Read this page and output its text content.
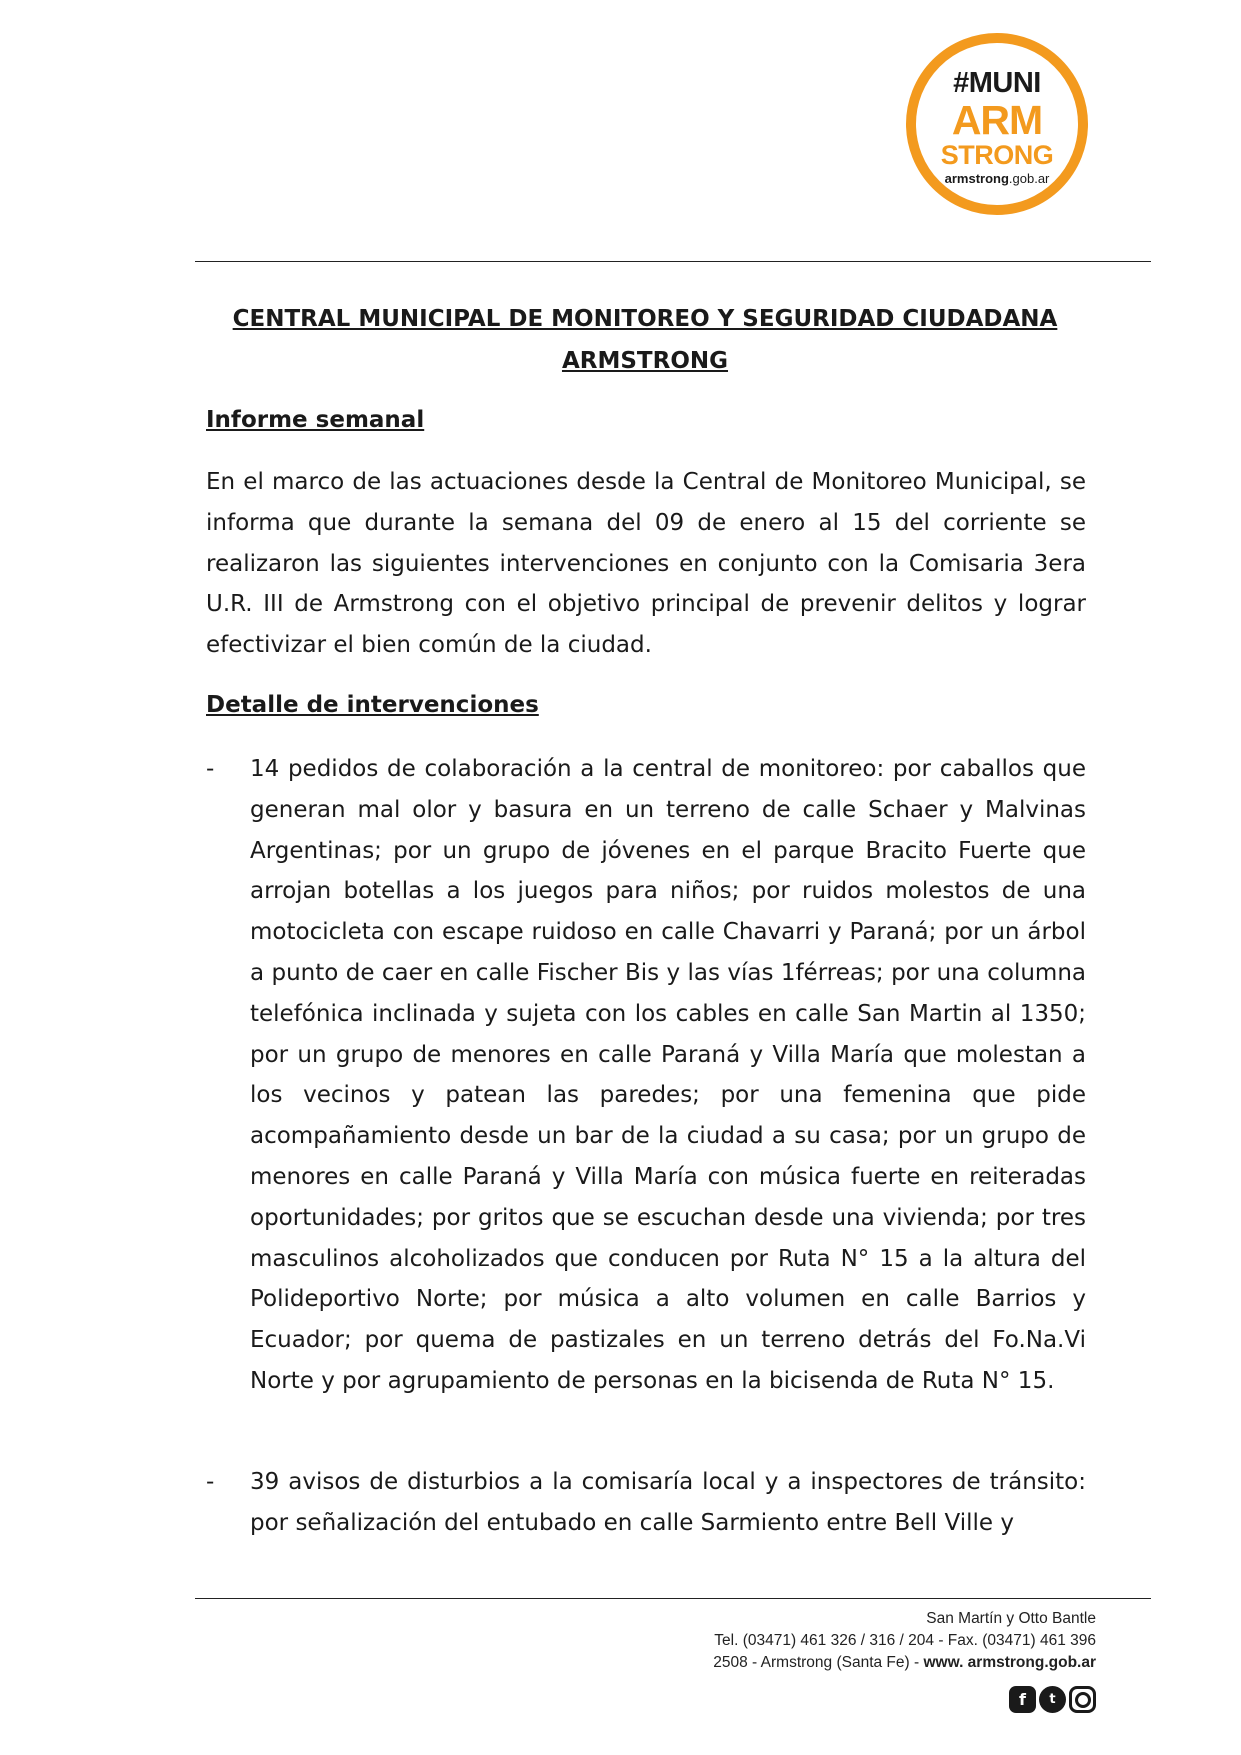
#MUNI
ARM
STRONG
armstrong.gob.ar
CENTRAL MUNICIPAL DE MONITOREO Y SEGURIDAD CIUDADANA
ARMSTRONG
Informe semanal

En el marco de las actuaciones desde la Central de Monitoreo Municipal, se informa que durante la semana del 09 de enero al 15 del corriente se realizaron las siguientes intervenciones en conjunto con la Comisaria 3era U.R. III de Armstrong con el objetivo principal de prevenir delitos y lograr efectivizar el bien común de la ciudad.

Detalle de intervenciones
-	14 pedidos de colaboración a la central de monitoreo: por caballos que generan mal olor y basura en un terreno de calle Schaer y Malvinas Argentinas; por un grupo de jóvenes en el parque Bracito Fuerte que arrojan botellas a los juegos para niños; por ruidos molestos de una motocicleta con escape ruidoso en calle Chavarri y Paraná; por un árbol a punto de caer en calle Fischer Bis y las vías 1férreas; por una columna telefónica inclinada y sujeta con los cables en calle San Martin al 1350; por un grupo de menores en calle Paraná y Villa María que molestan a los vecinos y patean las paredes; por una femenina que pide acompañamiento desde un bar de la ciudad a su casa; por un grupo de menores en calle Paraná y Villa María con música fuerte en reiteradas oportunidades; por gritos que se escuchan desde una vivienda; por tres masculinos alcoholizados que conducen por Ruta N° 15 a la altura del Polideportivo Norte; por música a alto volumen en calle Barrios y Ecuador; por quema de pastizales en un terreno detrás del Fo.Na.Vi Norte y por agrupamiento de personas en la bicisenda de Ruta N° 15.
-	39 avisos de disturbios a la comisaría local y a inspectores de tránsito: por señalización del entubado en calle Sarmiento entre Bell Ville y
San Martín y Otto Bantle
Tel. (03471) 461 326 / 316 / 204 - Fax. (03471) 461 396
2508 - Armstrong (Santa Fe) - www. armstrong.gob.ar
f	t
